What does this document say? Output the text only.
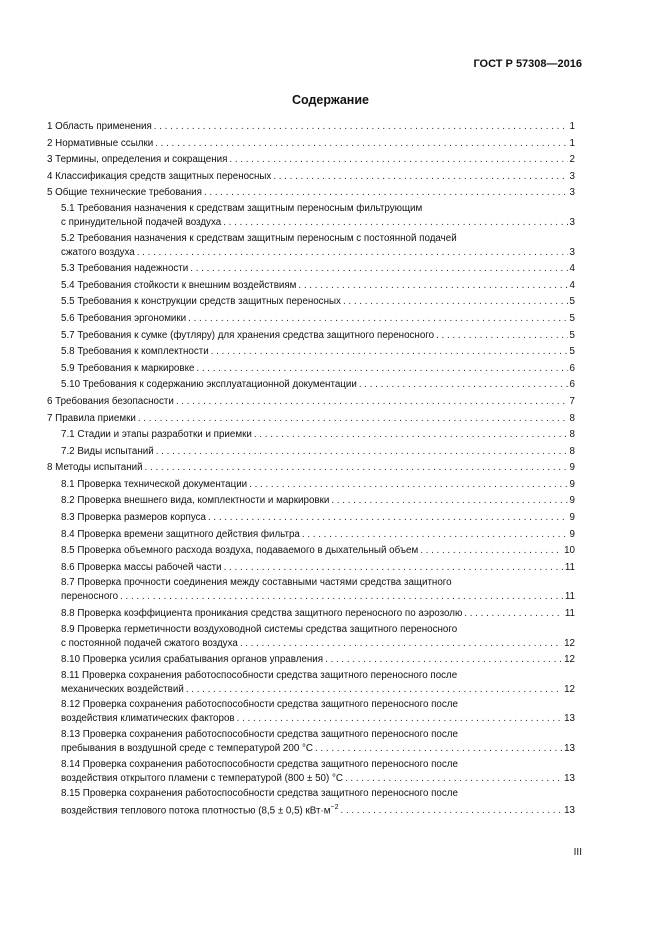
ГОСТ Р 57308—2016
Содержание
1 Область применения . . .	1
2 Нормативные ссылки . . .	1
3 Термины, определения и сокращения . . .	2
4 Классификация средств защитных переносных . . .	3
5 Общие технические требования . . .	3
5.1 Требования назначения к средствам защитным переносным фильтрующим
с принудительной подачей воздуха . . .	3
5.2 Требования назначения к средствам защитным переносным с постоянной подачей
сжатого воздуха . . .	3
5.3 Требования надежности . . .	4
5.4 Требования стойкости к внешним воздействиям . . .	4
5.5 Требования к конструкции средств защитных переносных . . .	5
5.6 Требования эргономики . . .	5
5.7 Требования к сумке (футляру) для хранения средства защитного переносного . . .	5
5.8 Требования к комплектности . . .	5
5.9 Требования к маркировке . . .	6
5.10 Требования к содержанию эксплуатационной документации . . .	6
6 Требования безопасности . . .	7
7 Правила приемки . . .	8
7.1 Стадии и этапы разработки и приемки . . .	8
7.2 Виды испытаний . . .	8
8 Методы испытаний . . .	9
8.1 Проверка технической документации . . .	9
8.2 Проверка внешнего вида, комплектности и маркировки . . .	9
8.3 Проверка размеров корпуса . . .	9
8.4 Проверка времени защитного действия фильтра . . .	9
8.5 Проверка объемного расхода воздуха, подаваемого в дыхательный объем . . .	10
8.6 Проверка массы рабочей части . . .	11
8.7 Проверка прочности соединения между составными частями средства защитного
переносного . . .	11
8.8 Проверка коэффициента проникания средства защитного переносного по аэрозолю . . .	11
8.9 Проверка герметичности воздуховодной системы средства защитного переносного
с постоянной подачей сжатого воздуха . . .	12
8.10 Проверка усилия срабатывания органов управления . . .	12
8.11 Проверка сохранения работоспособности средства защитного переносного после
механических воздействий . . .	12
8.12 Проверка сохранения работоспособности средства защитного переносного после
воздействия климатических факторов . . .	13
8.13 Проверка сохранения работоспособности средства защитного переносного после
пребывания в воздушной среде с температурой 200 °С . . .	13
8.14 Проверка сохранения работоспособности средства защитного переносного после
воздействия открытого пламени с температурой (800 ± 50) °С . . .	13
8.15 Проверка сохранения работоспособности средства защитного переносного после
воздействия теплового потока плотностью (8,5 ± 0,5) $кВт\cdot м^{-2}$ . . .	13
III
